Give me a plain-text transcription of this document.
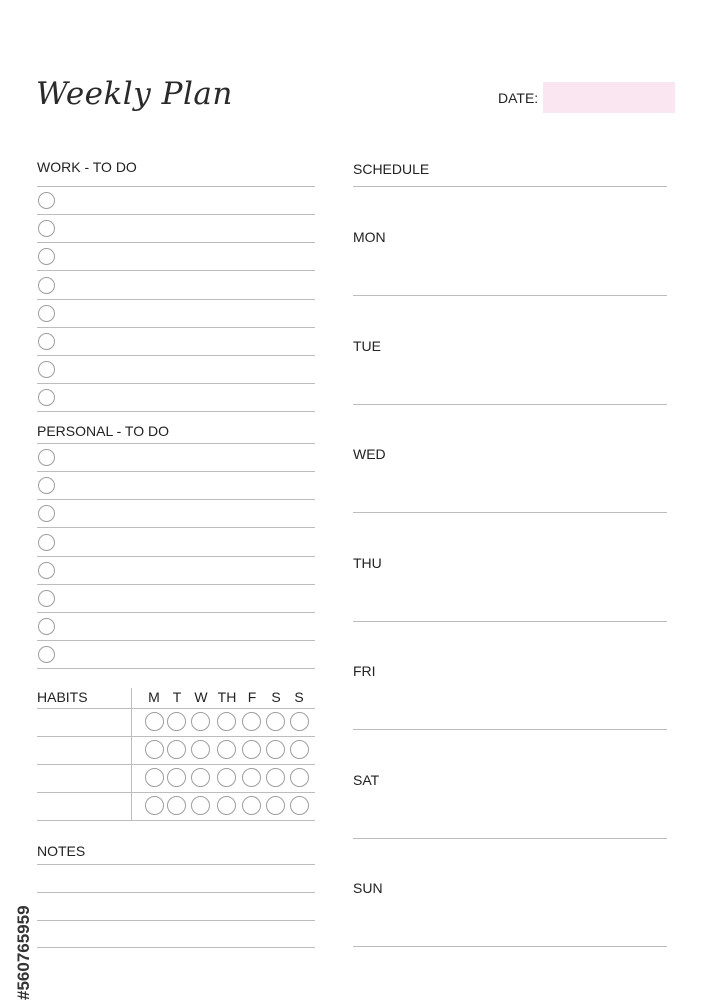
Weekly Plan	DATE:
WORK - TO DO
PERSONAL - TO DO
HABITS	M T W TH F	S S
NOTES
SCHEDULE
MON
TUE
WED
THU
FRI
SAT
SUN
#560765959
